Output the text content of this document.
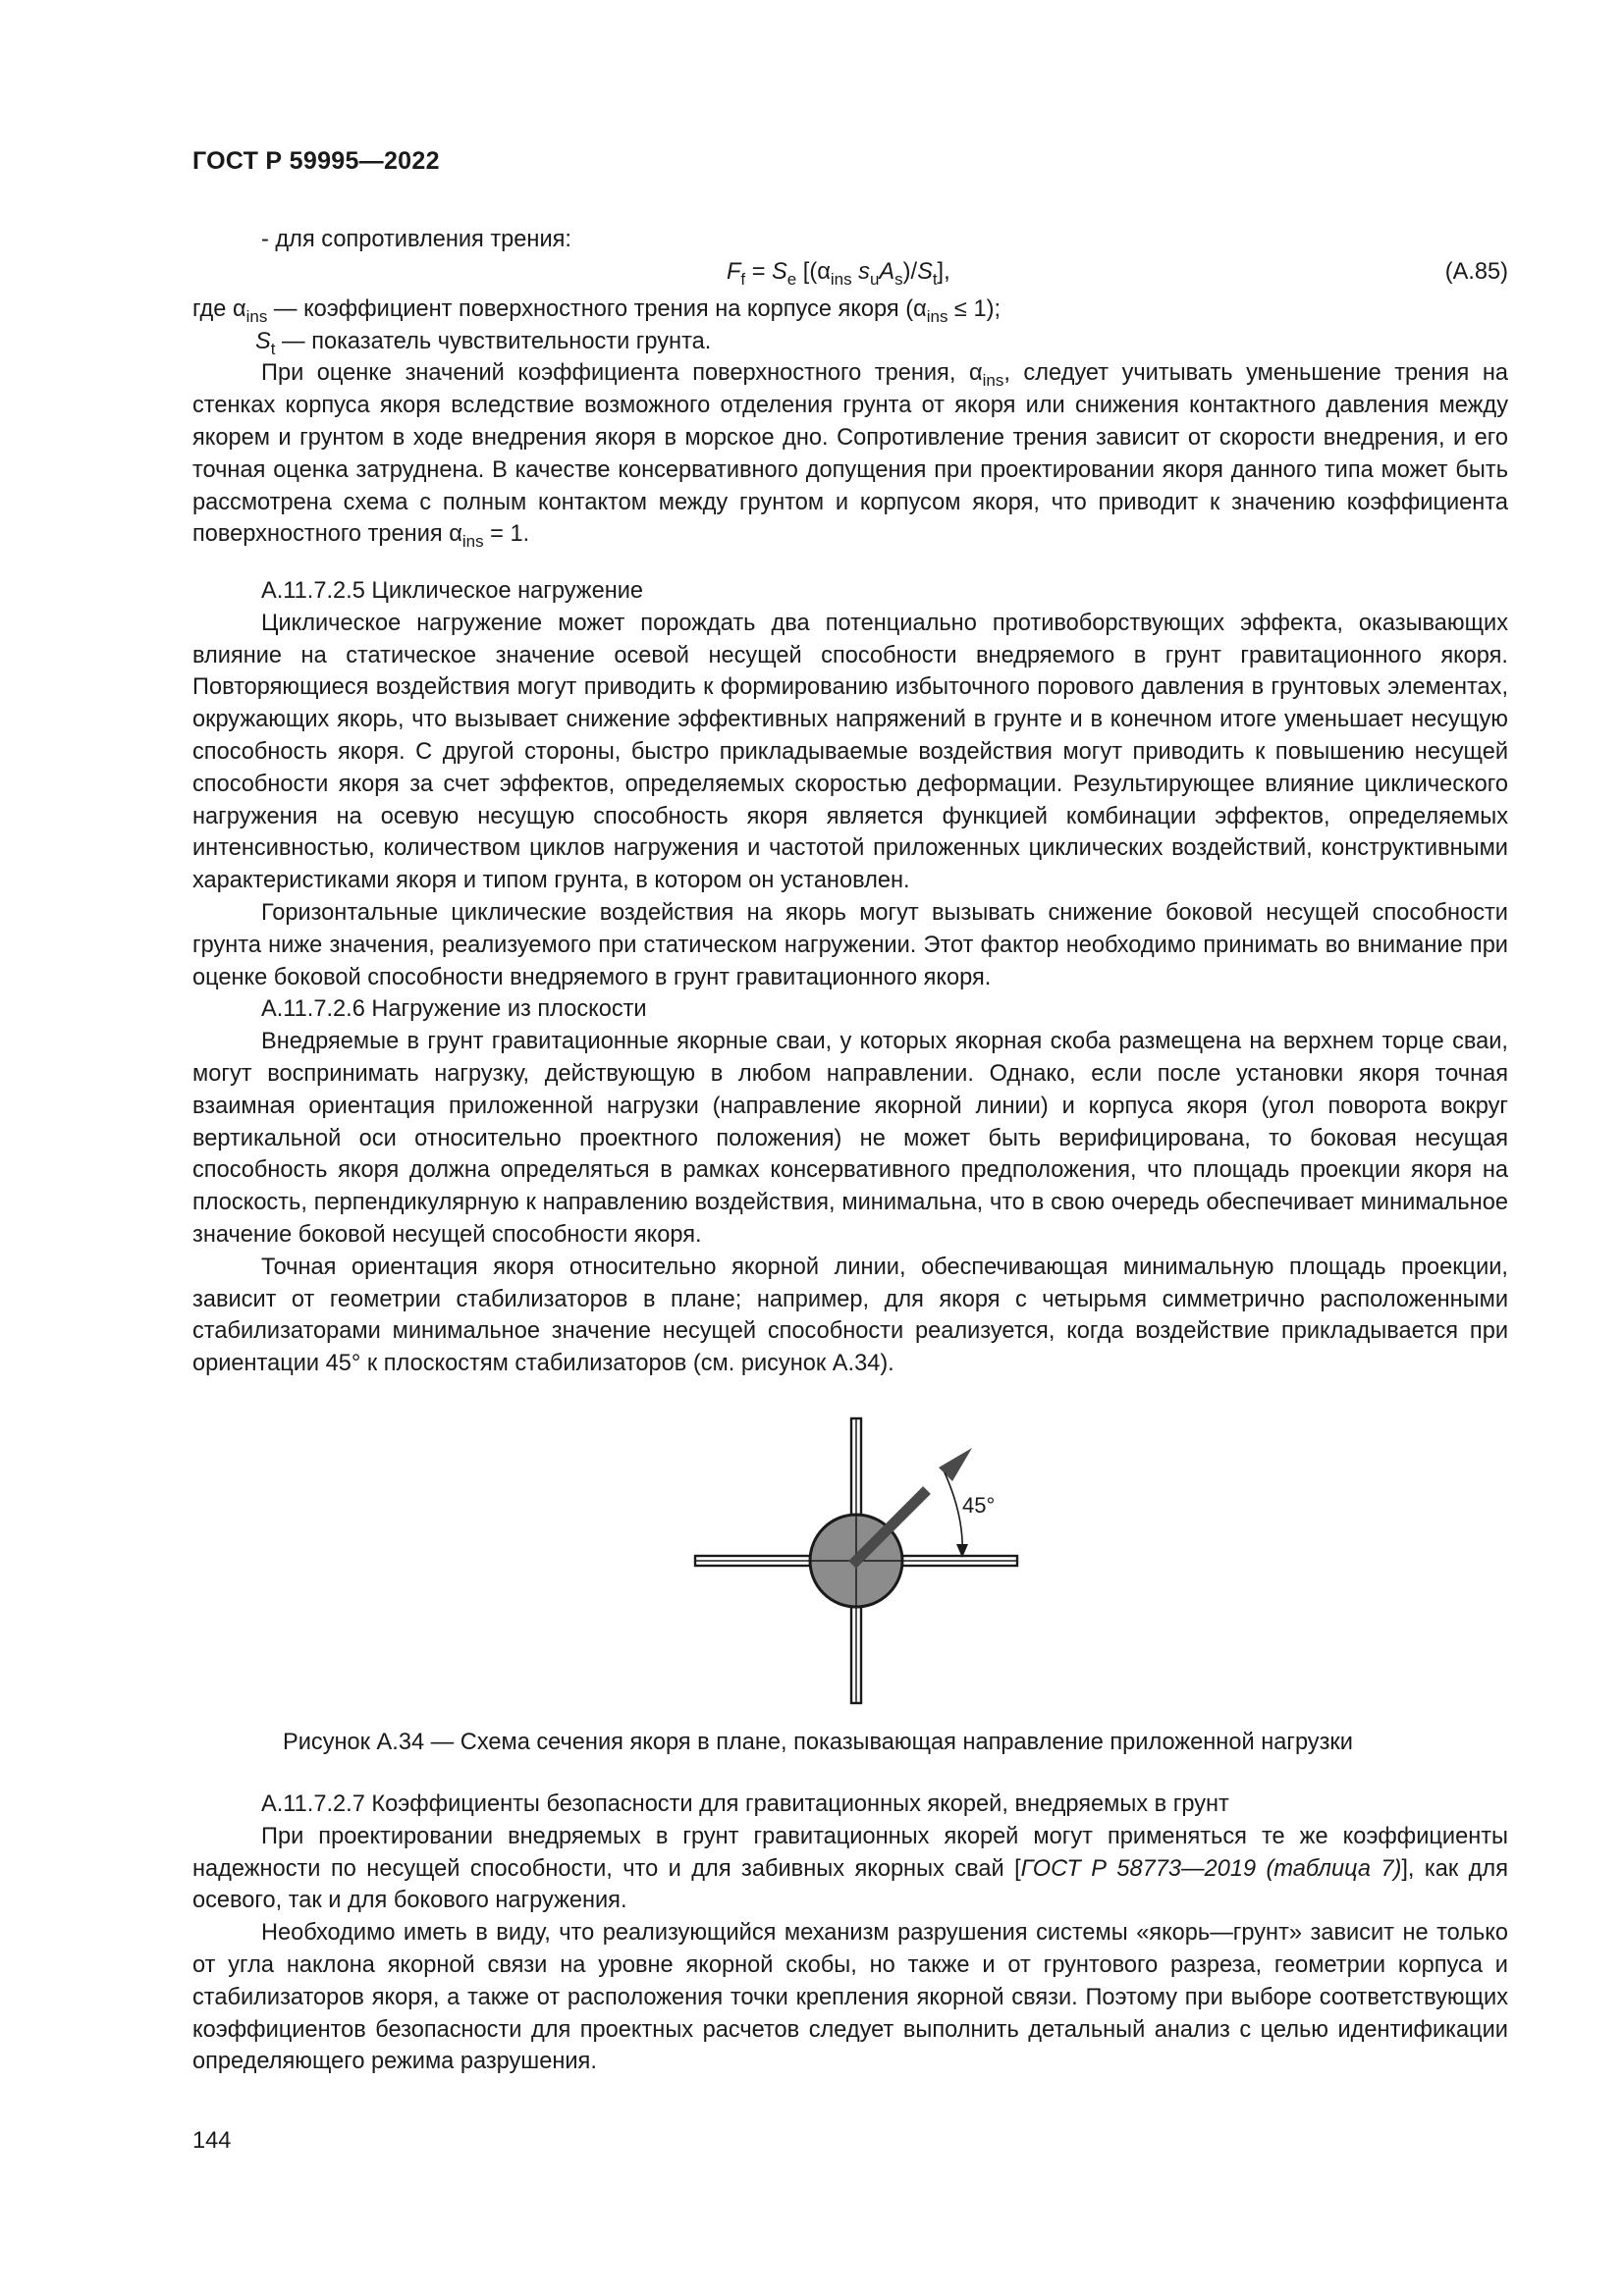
ГОСТ Р 59995—2022

- для сопротивления трения:

$F_f = S_e$ [($\alpha_{ins}$ $s_uA_s)/S_t$],	(А.85)

где $\alpha_{ins}$ — коэффициент поверхностного трения на корпусе якоря $(\alpha_{ins} \le 1)$;

$S_t$ — показатель чувствительности грунта.

При оценке значений коэффициента поверхностного трения, $\alpha_{ins}$, следует учитывать уменьшение трения на стенках корпуса якоря вследствие возможного отделения грунта от якоря или снижения контактного давления между якорем и грунтом в ходе внедрения якоря в морское дно. Сопротивление трения зависит от скорости внедрения, и его точная оценка затруднена. В качестве консервативного допущения при проектировании якоря данного типа может быть рассмотрена схема с полным контактом между грунтом и корпусом якоря, что приводит к значению коэффициента поверхностного трения $\alpha_{ins} = 1$.

А.11.7.2.5 Циклическое нагружение

Циклическое нагружение может порождать два потенциально противоборствующих эффекта, оказывающих влияние на статическое значение осевой несущей способности внедряемого в грунт гравитационного якоря. Повторяющиеся воздействия могут приводить к формированию избыточного порового давления в грунтовых элементах, окружающих якорь, что вызывает снижение эффективных напряжений в грунте и в конечном итоге уменьшает несущую способность якоря. С другой стороны, быстро прикладываемые воздействия могут приводить к повышению несущей способности якоря за счет эффектов, определяемых скоростью деформации. Результирующее влияние циклического нагружения на осевую несущую способность якоря является функцией комбинации эффектов, определяемых интенсивностью, количеством циклов нагружения и частотой приложенных циклических воздействий, конструктивными характеристиками якоря и типом грунта, в котором он установлен.

Горизонтальные циклические воздействия на якорь могут вызывать снижение боковой несущей способности грунта ниже значения, реализуемого при статическом нагружении. Этот фактор необходимо принимать во внимание при оценке боковой способности внедряемого в грунт гравитационного якоря.

А.11.7.2.6 Нагружение из плоскости

Внедряемые в грунт гравитационные якорные сваи, у которых якорная скоба размещена на верхнем торце сваи, могут воспринимать нагрузку, действующую в любом направлении. Однако, если после установки якоря точная взаимная ориентация приложенной нагрузки (направление якорной линии) и корпуса якоря (угол поворота вокруг вертикальной оси относительно проектного положения) не может быть верифицирована, то боковая несущая способность якоря должна определяться в рамках консервативного предположения, что площадь проекции якоря на плоскость, перпендикулярную к направлению воздействия, минимальна, что в свою очередь обеспечивает минимальное значение боковой несущей способности якоря.

Точная ориентация якоря относительно якорной линии, обеспечивающая минимальную площадь проекции, зависит от геометрии стабилизаторов в плане; например, для якоря с четырьмя симметрично расположенными стабилизаторами минимальное значение несущей способности реализуется, когда воздействие прикладывается при ориентации 45° к плоскостям стабилизаторов (см. рисунок А.34).

45°
Рисунок А.34 — Схема сечения якоря в плане, показывающая направление приложенной нагрузки

А.11.7.2.7 Коэффициенты безопасности для гравитационных якорей, внедряемых в грунт

При проектировании внедряемых в грунт гравитационных якорей могут применяться те же коэффициенты надежности по несущей способности, что и для забивных якорных свай [ГОСТ Р 58773—2019 (таблица 7)], как для осевого, так и для бокового нагружения.

Необходимо иметь в виду, что реализующийся механизм разрушения системы «якорь—грунт» зависит не только от угла наклона якорной связи на уровне якорной скобы, но также и от грунтового разреза, геометрии корпуса и стабилизаторов якоря, а также от расположения точки крепления якорной связи. Поэтому при выборе соответствующих коэффициентов безопасности для проектных расчетов следует выполнить детальный анализ с целью идентификации определяющего режима разрушения.

144
